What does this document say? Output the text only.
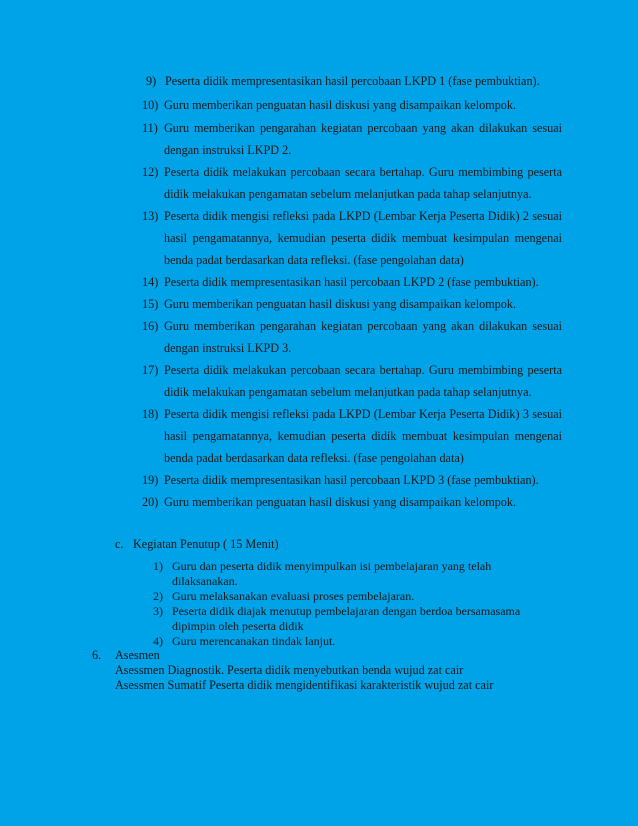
9) Peserta didik mempresentasikan hasil percobaan LKPD 1 (fase pembuktian).
10) Guru memberikan penguatan hasil diskusi yang disampaikan kelompok.
11) Guru memberikan pengarahan kegiatan percobaan yang akan dilakukan sesuai
dengan instruksi LKPD 2.
12) Peserta didik melakukan percobaan secara bertahap. Guru membimbing peserta
didik melakukan pengamatan sebelum melanjutkan pada tahap selanjutnya.
13) Peserta didik mengisi refleksi pada LKPD (Lembar Kerja Peserta Didik) 2 sesuai
hasil pengamatannya, kemudian peserta didik membuat kesimpulan mengenai
benda padat berdasarkan data refleksi. (fase pengolahan data)
14) Peserta didik mempresentasikan hasil percobaan LKPD 2 (fase pembuktian).
15) Guru memberikan penguatan hasil diskusi yang disampaikan kelompok.
16) Guru memberikan pengarahan kegiatan percobaan yang akan dilakukan sesuai
dengan instruksi LKPD 3.
17) Peserta didik melakukan percobaan secara bertahap. Guru membimbing peserta
didik melakukan pengamatan sebelum melanjutkan pada tahap selanjutnya.
18) Peserta didik mengisi refleksi pada LKPD (Lembar Kerja Peserta Didik) 3 sesuai
hasil pengamatannya, kemudian peserta didik membuat kesimpulan mengenai
benda padat berdasarkan data refleksi. (fase pengolahan data)
19) Peserta didik mempresentasikan hasil percobaan LKPD 3 (fase pembuktian).
20) Guru memberikan penguatan hasil diskusi yang disampaikan kelompok.
c. Kegiatan Penutup ( 15 Menit)
1) Guru dan peserta didik menyimpulkan isi pembelajaran yang telah
dilaksanakan.
2) Guru melaksanakan evaluasi proses pembelajaran.
3) Peserta didik diajak menutup pembelajaran dengan berdoa bersamasama
dipimpin oleh peserta didik
4) Guru merencanakan tindak lanjut.
6. Asesmen
Asessmen Diagnostik. Peserta didik menyebutkan benda wujud zat cair
Asessmen Sumatif Peserta didik mengidentifikasi karakteristik wujud zat cair
